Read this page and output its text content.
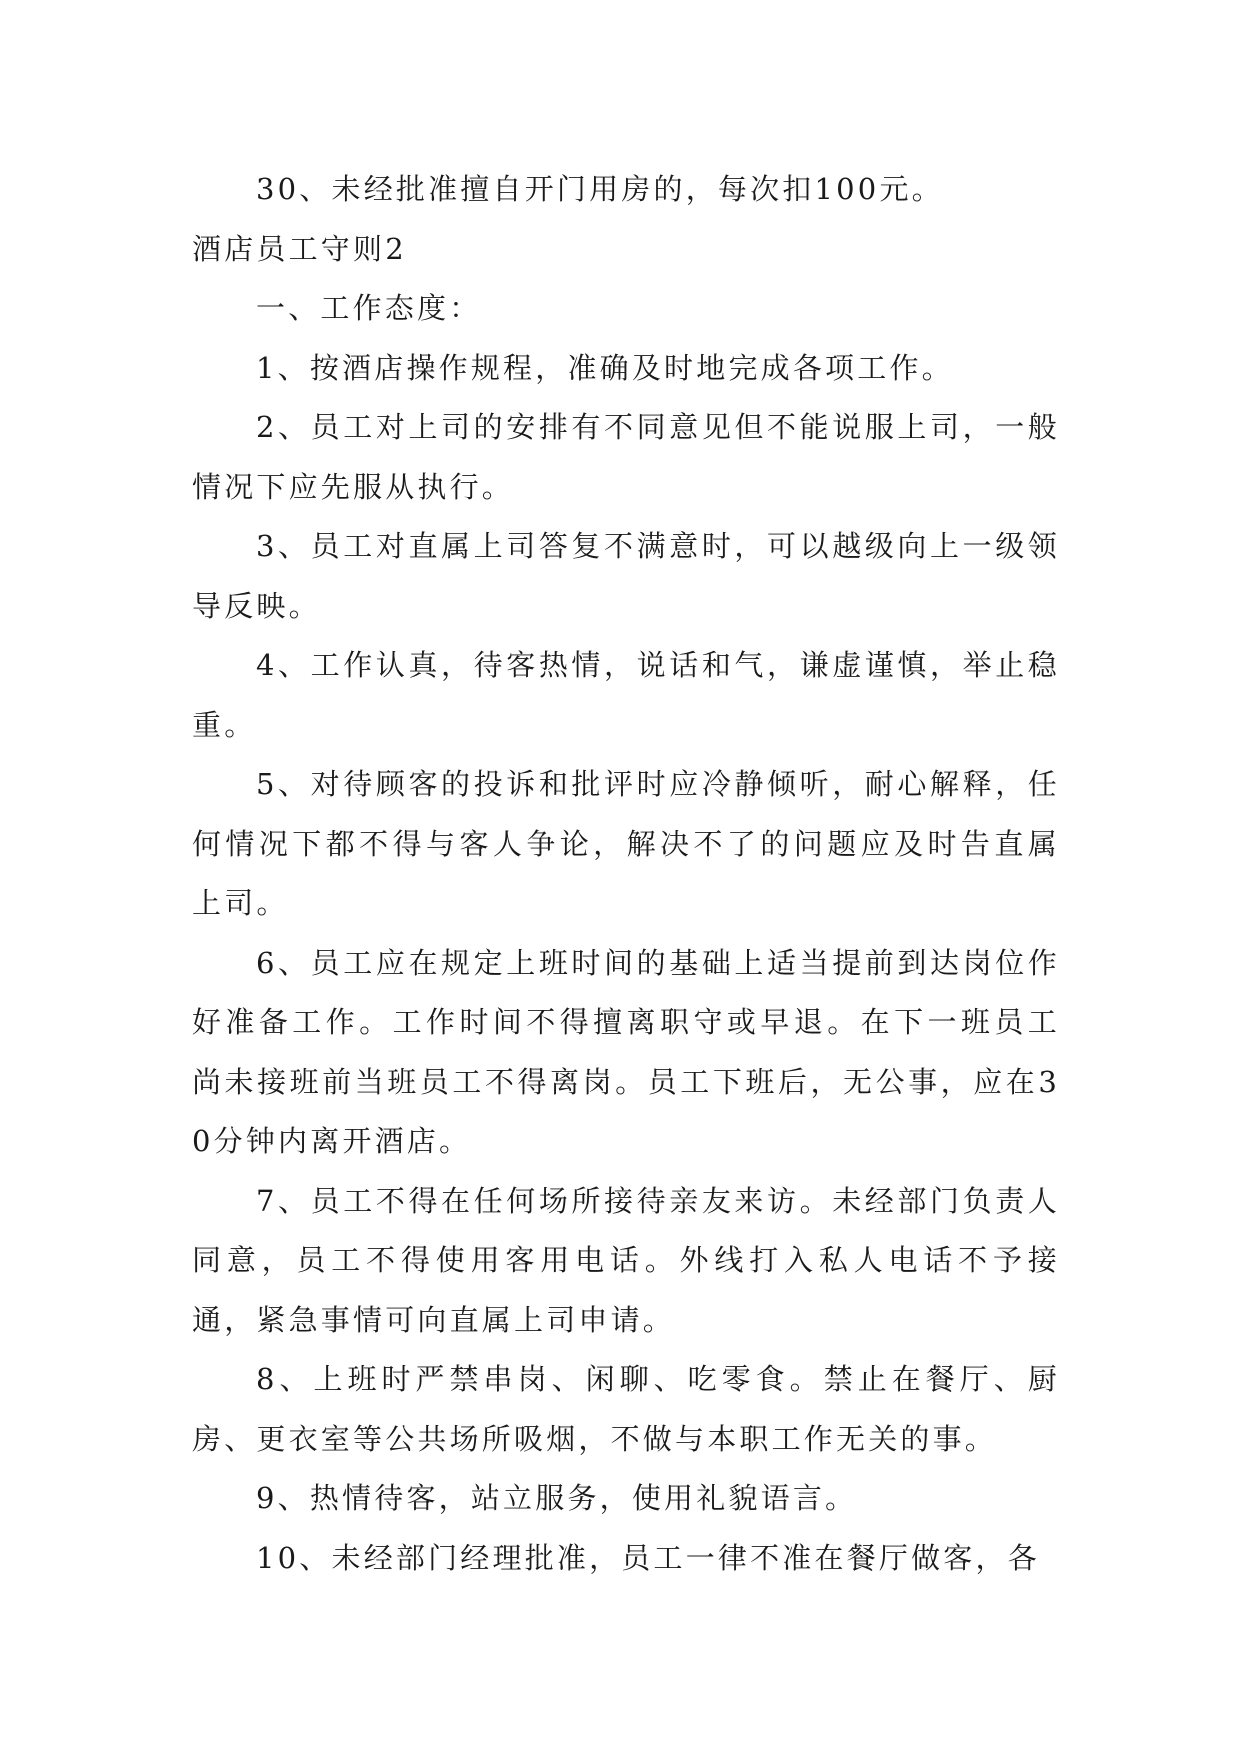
30、未经批准擅自开门用房的，每次扣100元。

酒店员工守则2

一、工作态度：

1、按酒店操作规程，准确及时地完成各项工作。

2、员工对上司的安排有不同意见但不能说服上司，一般情况下应先服从执行。

3、员工对直属上司答复不满意时，可以越级向上一级领导反映。

4、工作认真，待客热情，说话和气，谦虚谨慎，举止稳重。

5、对待顾客的投诉和批评时应冷静倾听，耐心解释，任何情况下都不得与客人争论，解决不了的问题应及时告直属上司。

6、员工应在规定上班时间的基础上适当提前到达岗位作好准备工作。工作时间不得擅离职守或早退。在下一班员工尚未接班前当班员工不得离岗。员工下班后，无公事，应在30分钟内离开酒店。

7、员工不得在任何场所接待亲友来访。未经部门负责人同意，员工不得使用客用电话。外线打入私人电话不予接通，紧急事情可向直属上司申请。

8、上班时严禁串岗、闲聊、吃零食。禁止在餐厅、厨房、更衣室等公共场所吸烟，不做与本职工作无关的事。

9、热情待客，站立服务，使用礼貌语言。

10、未经部门经理批准，员工一律不准在餐厅做客，各
